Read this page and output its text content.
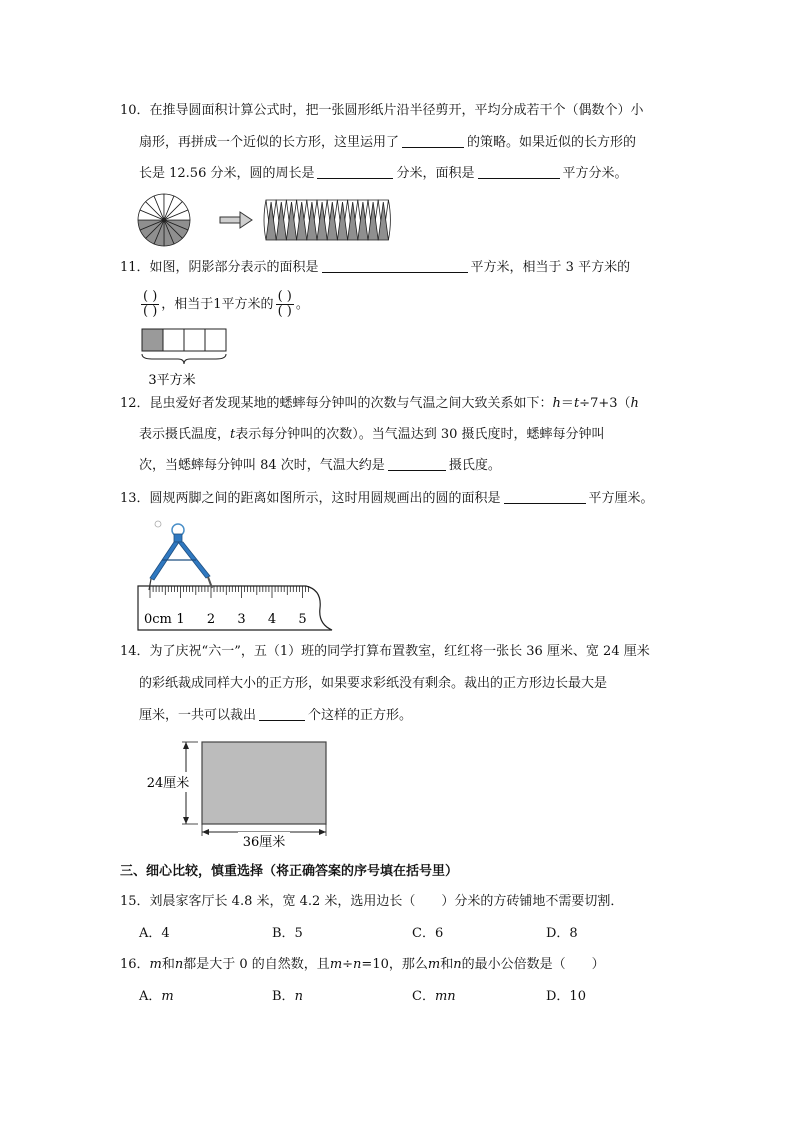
10．在推导圆面积计算公式时，把一张圆形纸片沿半径剪开，平均分成若干个（偶数个）小
扇形，再拼成一个近似的长方形，这里运用了	的策略。如果近似的长方形的
长是 12.56 分米，圆的周长是	分米，面积是	平方分米。
11．如图，阴影部分表示的面积是	平方米，相当于 3 平方米的
$\frac{( )}{( )}$ ，相当于1平方米的 $\frac{( )}{( )}$ 。
3平方米
12．昆虫爱好者发现某地的蟋蟀每分钟叫的次数与气温之间大致关系如下：h＝t÷7+3（h
表示摄氏温度，t表示每分钟叫的次数）。当气温达到 30 摄氏度时，蟋蟀每分钟叫
次，当蟋蟀每分钟叫 84 次时，气温大约是	摄氏度。
13．圆规两脚之间的距离如图所示，这时用圆规画出的圆的面积是	平方厘米。
0cm 1 2 3 4 5
14．为了庆祝“六一”，五（1）班的同学打算布置教室，红红将一张长 36 厘米、宽 24 厘米
的彩纸裁成同样大小的正方形，如果要求彩纸没有剩余。裁出的正方形边长最大是
厘米，一共可以裁出	个这样的正方形。
24厘米
36厘米
三、细心比较，慎重选择（将正确答案的序号填在括号里）
15．刘晨家客厅长 4.8 米，宽 4.2 米，选用边长（　　）分米的方砖铺地不需要切割．
A．4	B．5	C．6	D．8
16．m和n都是大于 0 的自然数，且m÷n=10，那么m和n的最小公倍数是（　　）
A．m	B．n	C．mn	D．10
